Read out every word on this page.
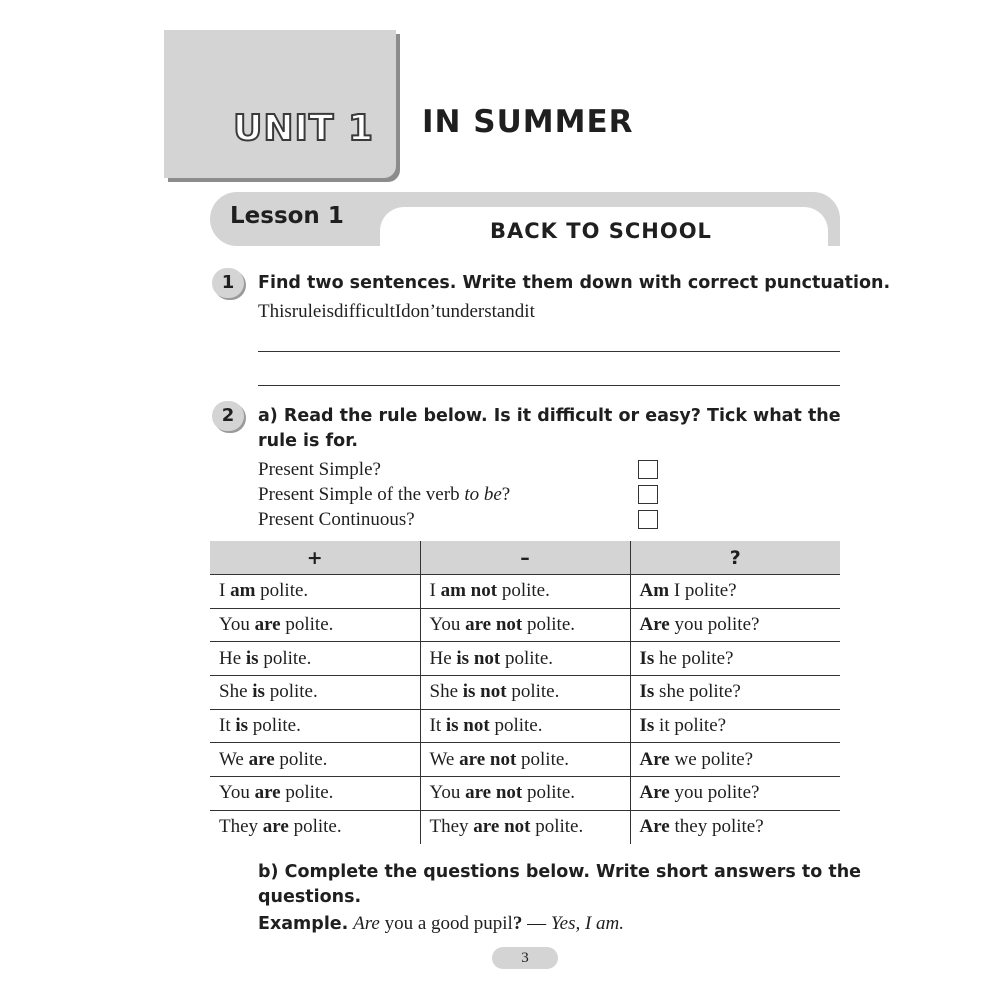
UNIT 1 IN SUMMER
Lesson 1
BACK TO SCHOOL
1	Find two sentences. Write them down with correct punctuation.
ThisruleisdifficultIdon’tunderstandit
2	a) Read the rule below. Is it difficult or easy? Tick what the
rule is for.
Present Simple?
Present Simple of the verb to be?
Present Continuous?
+	–	?
I am polite.	I am not polite.	Am I polite?
You are polite.	You are not polite.	Are you polite?
He is polite.	He is not polite.	Is he polite?
She is polite.	She is not polite.	Is she polite?
It is polite.	It is not polite.	Is it polite?
We are polite.	We are not polite.	Are we polite?
You are polite.	You are not polite.	Are you polite?
They are polite.	They are not polite.	Are they polite?
b) Complete the questions below. Write short answers to the
questions.
Example. Are you a good pupil? — Yes, I am.
3
